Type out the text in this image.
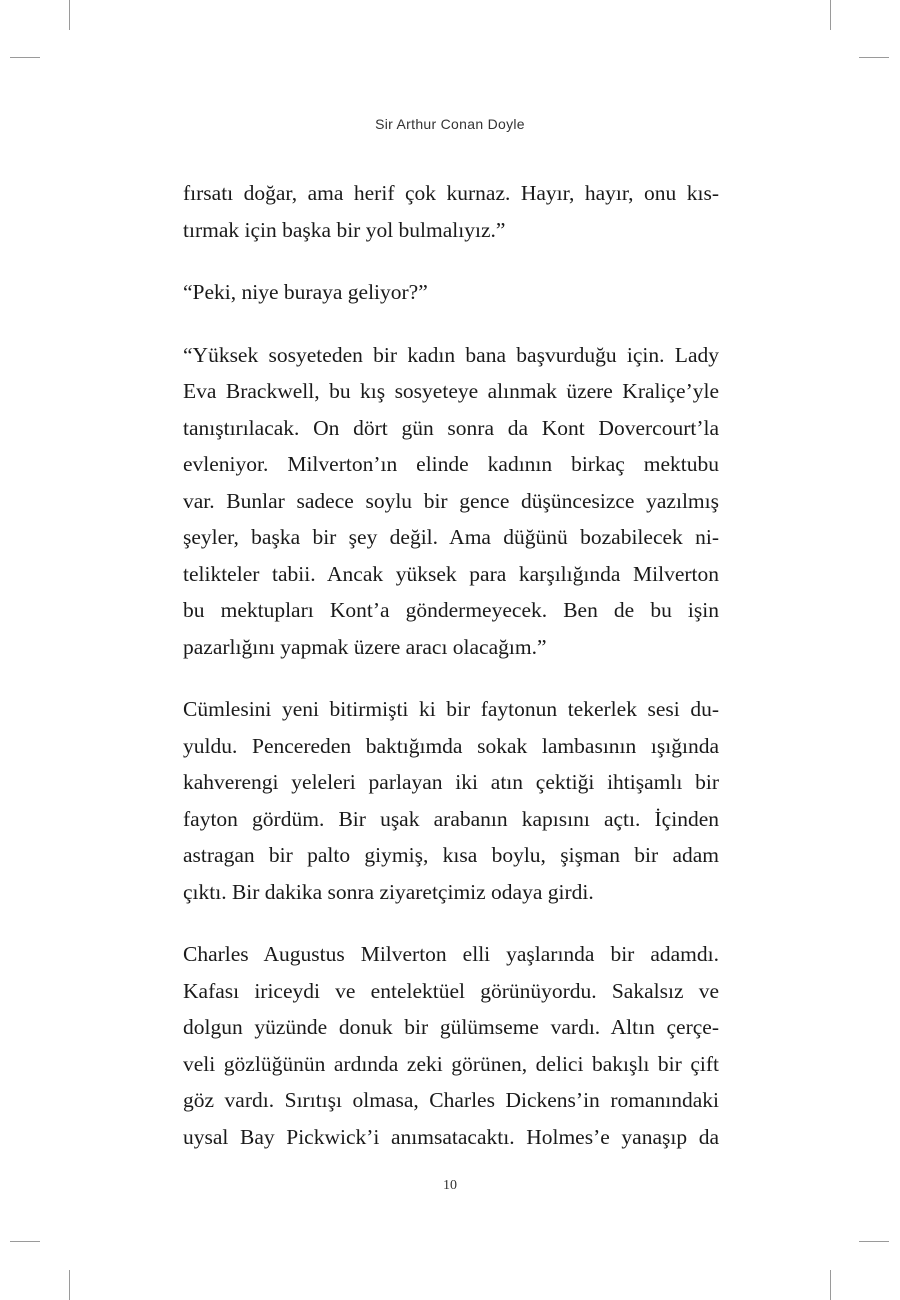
Sir Arthur Conan Doyle
fırsatı doğar, ama herif çok kurnaz. Hayır, hayır, onu kıs-
tırmak için başka bir yol bulmalıyız.”
“Peki, niye buraya geliyor?”
“Yüksek sosyeteden bir kadın bana başvurduğu için. Lady
Eva Brackwell, bu kış sosyeteye alınmak üzere Kraliçe’yle
tanıştırılacak. On dört gün sonra da Kont Dovercourt’la
evleniyor. Milverton’ın elinde kadının birkaç mektubu
var. Bunlar sadece soylu bir gence düşüncesizce yazılmış
şeyler, başka bir şey değil. Ama düğünü bozabilecek ni-
telikteler tabii. Ancak yüksek para karşılığında Milverton
bu mektupları Kont’a göndermeyecek. Ben de bu işin
pazarlığını yapmak üzere aracı olacağım.”
Cümlesini yeni bitirmişti ki bir faytonun tekerlek sesi du-
yuldu. Pencereden baktığımda sokak lambasının ışığında
kahverengi yeleleri parlayan iki atın çektiği ihtişamlı bir
fayton gördüm. Bir uşak arabanın kapısını açtı. İçinden
astragan bir palto giymiş, kısa boylu, şişman bir adam
çıktı. Bir dakika sonra ziyaretçimiz odaya girdi.
Charles Augustus Milverton elli yaşlarında bir adamdı.
Kafası iriceydi ve entelektüel görünüyordu. Sakalsız ve
dolgun yüzünde donuk bir gülümseme vardı. Altın çerçe-
veli gözlüğünün ardında zeki görünen, delici bakışlı bir çift
göz vardı. Sırıtışı olmasa, Charles Dickens’in romanındaki
uysal Bay Pickwick’i anımsatacaktı. Holmes’e yanaşıp da
10
